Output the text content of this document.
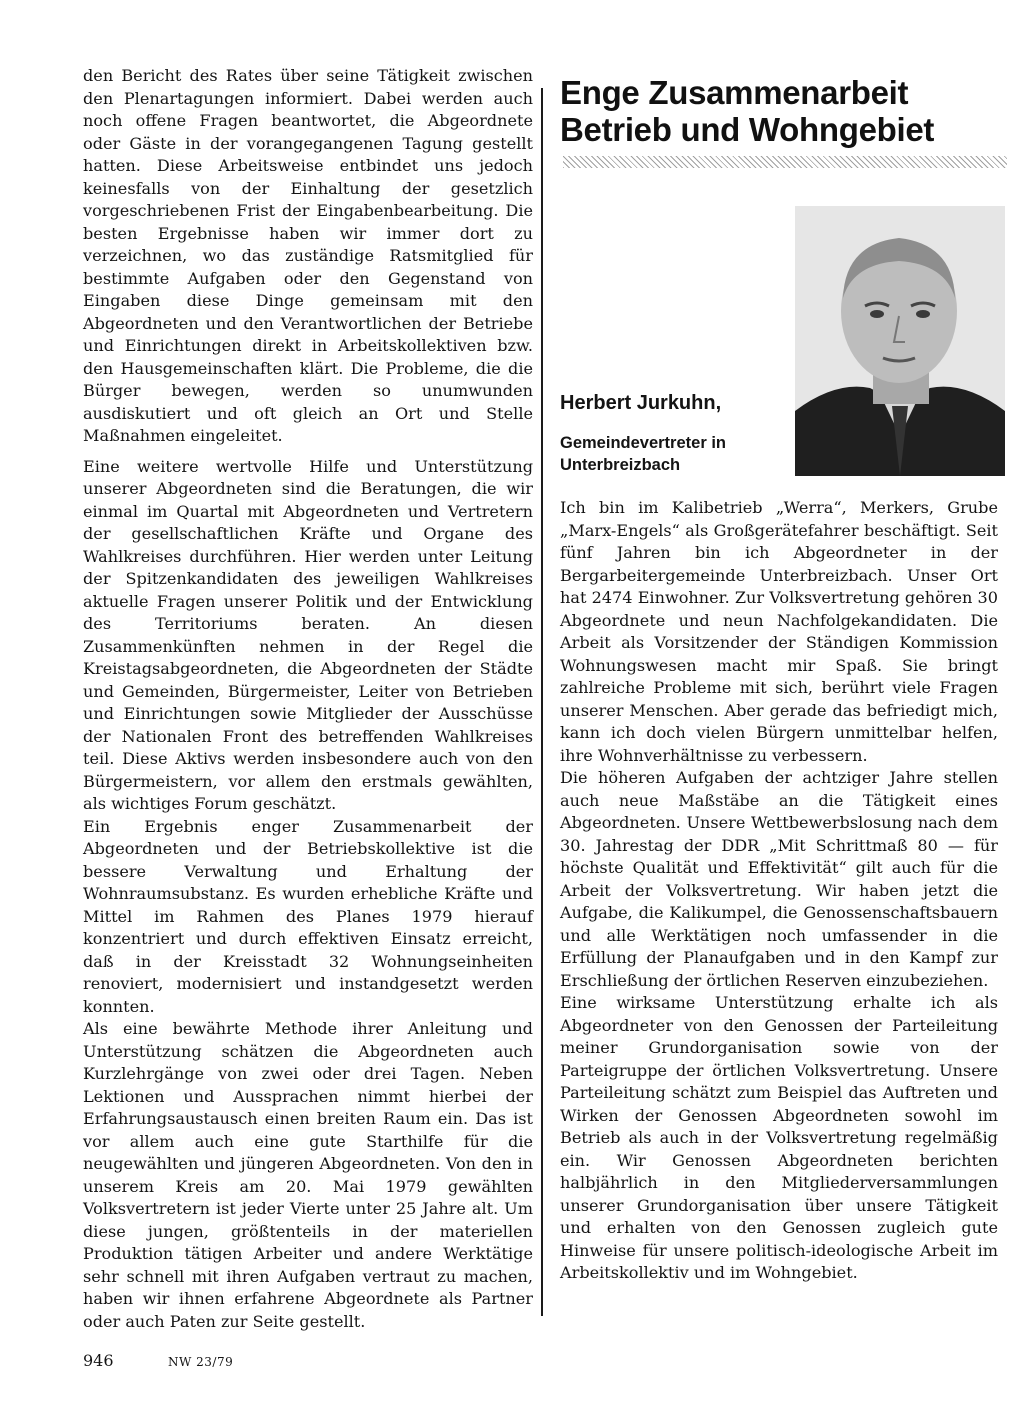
den Bericht des Rates über seine Tätigkeit zwischen den Plenartagungen informiert. Dabei werden auch noch offene Fragen beantwortet, die Abgeordnete oder Gäste in der vorangegangenen Tagung gestellt hatten. Diese Arbeitsweise entbindet uns jedoch keinesfalls von der Einhaltung der gesetzlich vorgeschriebenen Frist der Eingabenbearbeitung. Die besten Ergebnisse haben wir immer dort zu verzeichnen, wo das zuständige Ratsmitglied für bestimmte Aufgaben oder den Gegenstand von Eingaben diese Dinge gemeinsam mit den Abgeordneten und den Verantwortlichen der Betriebe und Einrichtungen direkt in Arbeitskollektiven bzw. den Hausgemeinschaften klärt. Die Probleme, die die Bürger bewegen, werden so unumwunden ausdiskutiert und oft gleich an Ort und Stelle Maßnahmen eingeleitet.

Eine weitere wertvolle Hilfe und Unterstützung unserer Abgeordneten sind die Beratungen, die wir einmal im Quartal mit Abgeordneten und Vertretern der gesellschaftlichen Kräfte und Organe des Wahlkreises durchführen. Hier werden unter Leitung der Spitzenkandidaten des jeweiligen Wahlkreises aktuelle Fragen unserer Politik und der Entwicklung des Territoriums beraten. An diesen Zusammenkünften nehmen in der Regel die Kreistagsabgeordneten, die Abgeordneten der Städte und Gemeinden, Bürgermeister, Leiter von Betrieben und Einrichtungen sowie Mitglieder der Ausschüsse der Nationalen Front des betreffenden Wahlkreises teil. Diese Aktivs werden insbesondere auch von den Bürgermeistern, vor allem den erstmals gewählten, als wichtiges Forum geschätzt.

Ein Ergebnis enger Zusammenarbeit der Abgeordneten und der Betriebskollektive ist die bessere Verwaltung und Erhaltung der Wohnraumsubstanz. Es wurden erhebliche Kräfte und Mittel im Rahmen des Planes 1979 hierauf konzentriert und durch effektiven Einsatz erreicht, daß in der Kreisstadt 32 Wohnungseinheiten renoviert, modernisiert und instandgesetzt werden konnten.

Als eine bewährte Methode ihrer Anleitung und Unterstützung schätzen die Abgeordneten auch Kurzlehrgänge von zwei oder drei Tagen. Neben Lektionen und Aussprachen nimmt hierbei der Erfahrungsaustausch einen breiten Raum ein. Das ist vor allem auch eine gute Starthilfe für die neugewählten und jüngeren Abgeordneten. Von den in unserem Kreis am 20. Mai 1979 gewählten Volksvertretern ist jeder Vierte unter 25 Jahre alt. Um diese jungen, größtenteils in der materiellen Produktion tätigen Arbeiter und andere Werktätige sehr schnell mit ihren Aufgaben vertraut zu machen, haben wir ihnen erfahrene Abgeordnete als Partner oder auch Paten zur Seite gestellt.

Enge Zusammenarbeit Betrieb und Wohngebiet

Herbert Jurkuhn,

Gemeindevertreter in Unterbreizbach

Ich bin im Kalibetrieb „Werra“, Merkers, Grube „Marx-Engels“ als Großgerätefahrer beschäftigt. Seit fünf Jahren bin ich Abgeordneter in der Bergarbeitergemeinde Unterbreizbach. Unser Ort hat 2474 Einwohner. Zur Volksvertretung gehören 30 Abgeordnete und neun Nachfolgekandidaten. Die Arbeit als Vorsitzender der Ständigen Kommission Wohnungswesen macht mir Spaß. Sie bringt zahlreiche Probleme mit sich, berührt viele Fragen unserer Menschen. Aber gerade das befriedigt mich, kann ich doch vielen Bürgern unmittelbar helfen, ihre Wohnverhältnisse zu verbessern.

Die höheren Aufgaben der achtziger Jahre stellen auch neue Maßstäbe an die Tätigkeit eines Abgeordneten. Unsere Wettbewerbslosung nach dem 30. Jahrestag der DDR „Mit Schrittmaß 80 — für höchste Qualität und Effektivität“ gilt auch für die Arbeit der Volksvertretung. Wir haben jetzt die Aufgabe, die Kalikumpel, die Genossenschaftsbauern und alle Werktätigen noch umfassender in die Erfüllung der Planaufgaben und in den Kampf zur Erschließung der örtlichen Reserven einzubeziehen.

Eine wirksame Unterstützung erhalte ich als Abgeordneter von den Genossen der Parteileitung meiner Grundorganisation sowie von der Parteigruppe der örtlichen Volksvertretung. Unsere Parteileitung schätzt zum Beispiel das Auftreten und Wirken der Genossen Abgeordneten sowohl im Betrieb als auch in der Volksvertretung regelmäßig ein. Wir Genossen Abgeordneten berichten halbjährlich in den Mitgliederversammlungen unserer Grundorganisation über unsere Tätigkeit und erhalten von den Genossen zugleich gute Hinweise für unsere politisch-ideologische Arbeit im Arbeitskollektiv und im Wohngebiet.

946	NW 23/79
